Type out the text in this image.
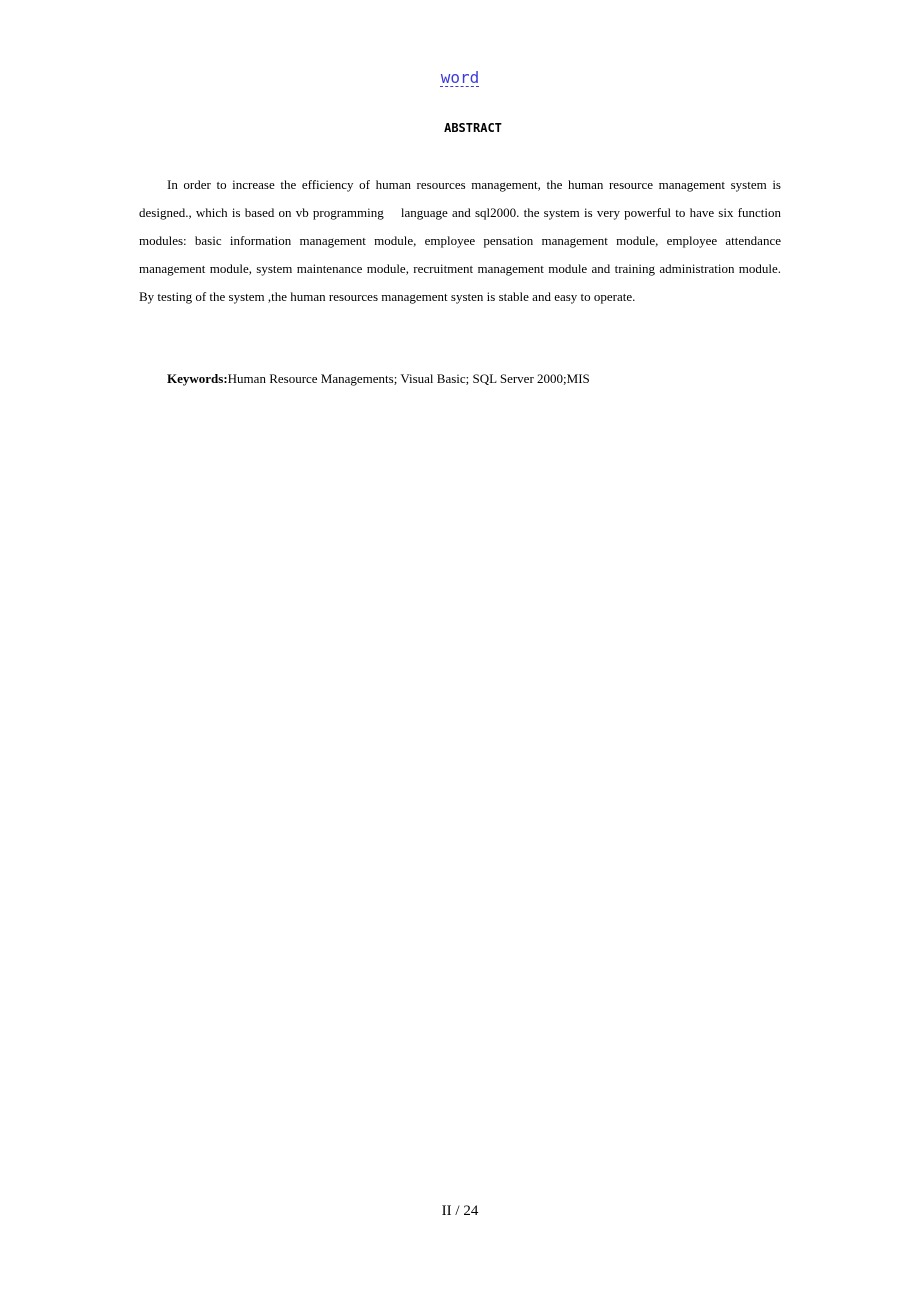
word
ABSTRACT

In order to increase the efficiency of human resources management, the human resource management system is designed., which is based on vb programming  language and sql2000. the system is very powerful to have six function modules: basic information management module, employee pensation management module, employee attendance management module, system maintenance module, recruitment management module and training administration module. By testing of the system ,the human resources management systen is stable and easy to operate.

Keywords:Human Resource Managements; Visual Basic; SQL Server 2000;MIS

II / 24
